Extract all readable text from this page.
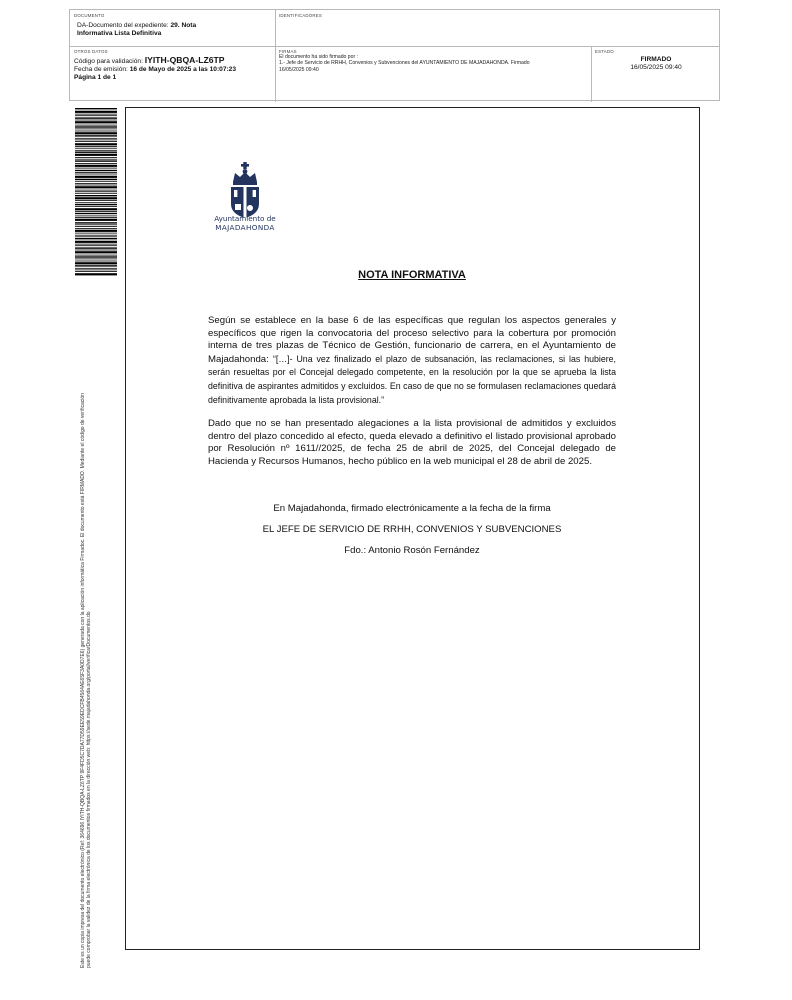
DOCUMENTO
DA-Documento del expediente: 29. Nota
Informativa Lista Definitiva
IDENTIFICADORES
OTROS DATOS
Código para validación: IYITH-QBQA-LZ6TP
Fecha de emisión: 16 de Mayo de 2025 a las 10:07:23
Página 1 de 1
FIRMAS
El documento ha sido firmado por :
1.- Jefe de Servicio de RRHH, Convenios y Subvenciones del AYUNTAMIENTO DE MAJADAHONDA. Firmado
16/05/2025 09:40
ESTADO
FIRMADO
16/05/2025 09:40
Este es un copia impresa del documento electrónico (Ref: 364696 IYITH-QBQA-LZ6TP 9F4FD5C7DA77D59EE59EDCFB4564AE65F3A0D7E6) generada con la aplicación informática Firmadoc. El documento está FIRMADO. Mediante el código de verificación puede comprobar la validez de la firma electrónica de los documentos firmados en la dirección web: https://sede.majadahonda.org/portal/verificarDocumentos.do
Ayuntamiento de
MAJADAHONDA
NOTA INFORMATIVA
Según se establece en la base 6 de las específicas que regulan los aspectos generales y específicos que rigen la convocatoria del proceso selectivo para la cobertura por promoción interna de tres plazas de Técnico de Gestión, funcionario de carrera, en el Ayuntamiento de Majadahonda: “[…]- Una vez finalizado el plazo de subsanación, las reclamaciones, si las hubiere, serán resueltas por el Concejal delegado competente, en la resolución por la que se aprueba la lista definitiva de aspirantes admitidos y excluidos. En caso de que no se formulasen reclamaciones quedará definitivamente aprobada la lista provisional.”
Dado que no se han presentado alegaciones a la lista provisional de admitidos y excluidos dentro del plazo concedido al efecto, queda elevado a definitivo el listado provisional aprobado por Resolución nº 1611//2025, de fecha 25 de abril de 2025, del Concejal delegado de Hacienda y Recursos Humanos, hecho público en la web municipal el 28 de abril de 2025.
En Majadahonda, firmado electrónicamente a la fecha de la firma
EL JEFE DE SERVICIO DE RRHH, CONVENIOS Y SUBVENCIONES
Fdo.: Antonio Rosón Fernández
